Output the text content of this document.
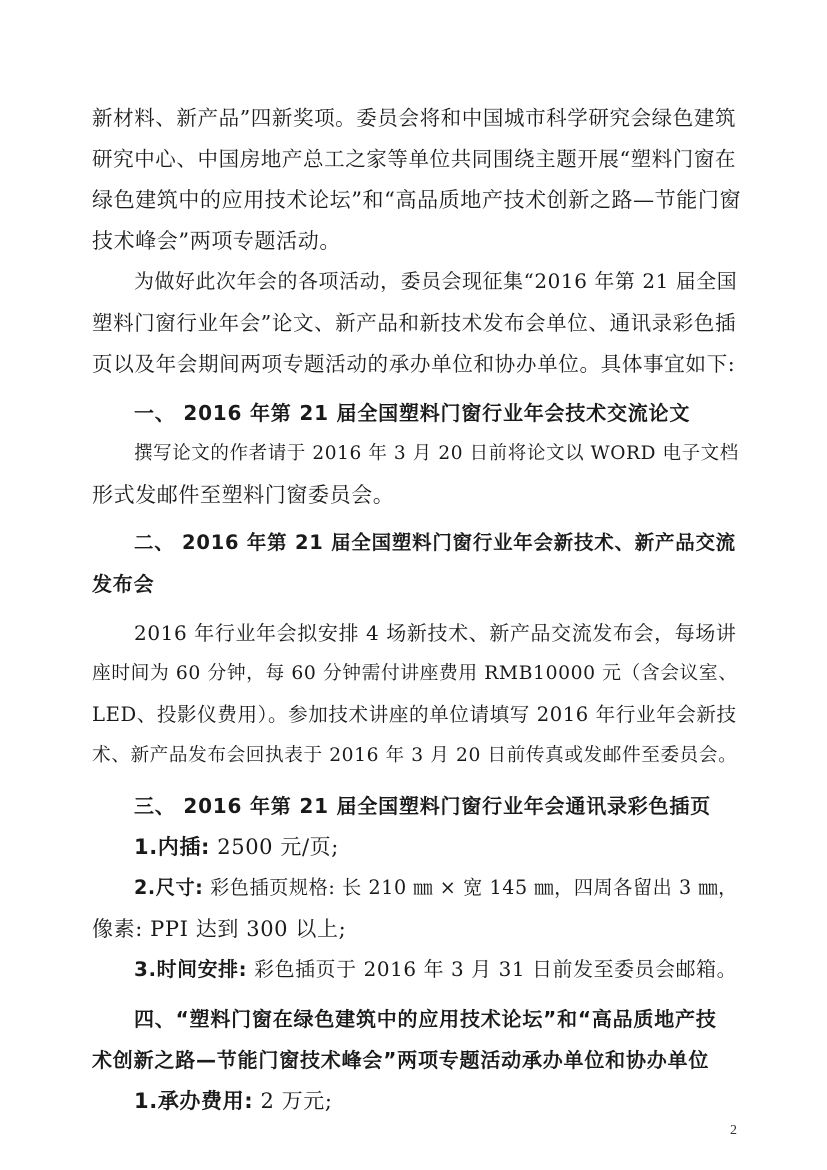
新材料、新产品”四新奖项。委员会将和中国城市科学研究会绿色建筑
研究中心、中国房地产总工之家等单位共同围绕主题开展“塑料门窗在
绿色建筑中的应用技术论坛”和“高品质地产技术创新之路—节能门窗
技术峰会”两项专题活动。
为做好此次年会的各项活动，委员会现征集“2016 年第 21 届全国
塑料门窗行业年会”论文、新产品和新技术发布会单位、通讯录彩色插
页以及年会期间两项专题活动的承办单位和协办单位。具体事宜如下:
一、 2016 年第 21 届全国塑料门窗行业年会技术交流论文
撰写论文的作者请于 2016 年 3 月 20 日前将论文以 WORD 电子文档
形式发邮件至塑料门窗委员会。
二、 2016 年第 21 届全国塑料门窗行业年会新技术、新产品交流
发布会
2016 年行业年会拟安排 4 场新技术、新产品交流发布会，每场讲
座时间为 60 分钟，每 60 分钟需付讲座费用 RMB10000 元（含会议室、
LED、投影仪费用）。参加技术讲座的单位请填写 2016 年行业年会新技
术、新产品发布会回执表于 2016 年 3 月 20 日前传真或发邮件至委员会。
三、 2016 年第 21 届全国塑料门窗行业年会通讯录彩色插页
1.内插: 2500 元/页;
2.尺寸: 彩色插页规格: 长 210 ㎜ × 宽 145 ㎜，四周各留出 3 ㎜，
像素: PPI 达到 300 以上;
3.时间安排: 彩色插页于 2016 年 3 月 31 日前发至委员会邮箱。
四、“塑料门窗在绿色建筑中的应用技术论坛”和“高品质地产技
术创新之路—节能门窗技术峰会”两项专题活动承办单位和协办单位
1.承办费用: 2 万元;
2
